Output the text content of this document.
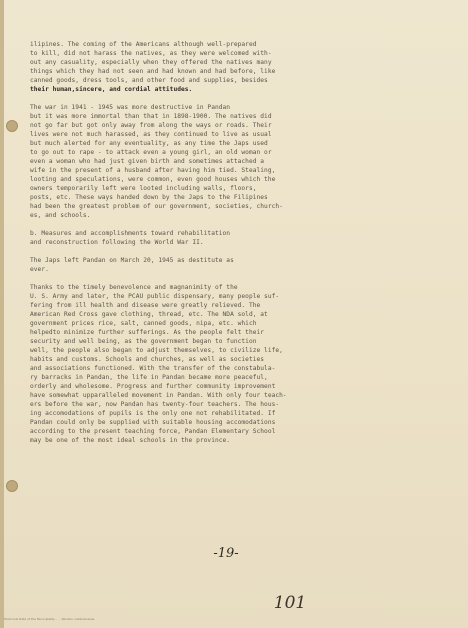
ilipines. The coming of the Americans although well-prepared
to kill, did not harass the natives, as they were welcomed with-
out any casuality, especially when they offered the natives many
things which they had not seen and had known and had before, like
canned goods, dress tools, and other food and supplies, besides
their human,sincere, and cordial attitudes.
The war in 1941 - 1945 was more destructive in Pandan
but it was more immortal than that in 1898-1900. The natives did
not go far but got only away from along the ways or roads. Their
lives were not much harassed, as they continued to live as usual
but much alerted for any eventuality, as any time the Japs used
to go out to rape - to attack even a young girl, an old woman or
even a woman who had just given birth and sometimes attached a
wife in the present of a husband after having him tied. Stealing,
looting and speculations, were common, even good houses which the
owners temporarily left were looted including walls, floors,
posts, etc. These ways handed down by the Japs to the Filipines
had been the greatest problem of our government, societies, church-
es, and schools.
b. Measures and accomplishments toward rehabilitation
and reconstruction following the World War II.
The Japs left Pandan on March 20, 1945 as destitute as
ever.
Thanks to the timely benevolence and magnanimity of the
U. S. Army and later, the PCAU public dispensary, many people suf-
fering from ill health and disease were greatly relieved. The
American Red Cross gave clothing, thread, etc. The NDA sold, at
government prices rice, salt, canned goods, nipa, etc. which
helpedto minimize further sufferings. As the people felt their
security and well being, as the government began to function
well, the people also began to adjust themselves, to civilize life,
habits and customs. Schools and churches, as well as societies
and associations functioned. With the transfer of the constabula-
ry barracks in Pandan, the life in Pandan became more peaceful,
orderly and wholesome. Progress and further community improvement
have somewhat upparalleled movement in Pandan. With only four teach-
ers before the war, now Pandan has twenty-four teachers. The hous-
ing accomodations of pupils is the only one not rehabilitated. If
Pandan could only be supplied with suitable housing accomodations
according to the present teaching force, Pandan Elementary School
may be one of the most ideal schools in the province.
-19-
101
Historical Data of the Municipality . . . Pandan, Catanduanes
